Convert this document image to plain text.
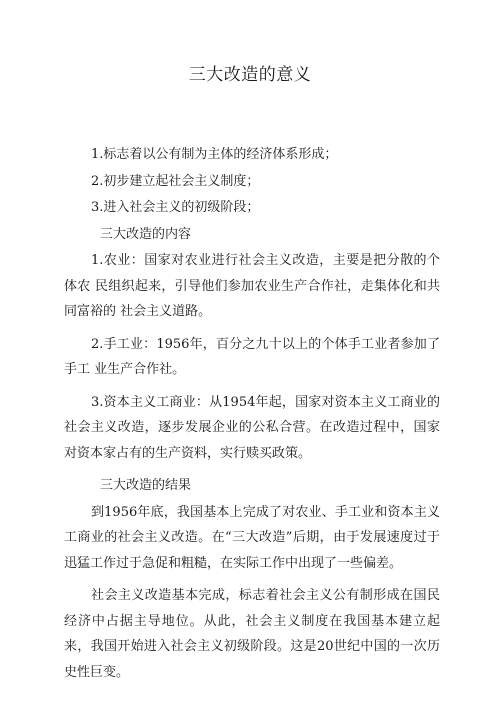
三大改造的意义
1.标志着以公有制为主体的经济体系形成；
2.初步建立起社会主义制度；
3.进入社会主义的初级阶段；
三大改造的内容
1.农业：国家对农业进行社会主义改造，主要是把分散的个体农 民组织起来，引导他们参加农业生产合作社，走集体化和共同富裕的 社会主义道路。
2.手工业：1956年，百分之九十以上的个体手工业者参加了手工 业生产合作社。
3.资本主义工商业：从1954年起，国家对资本主义工商业的社会主义改造，逐步发展企业的公私合营。在改造过程中，国家对资本家占有的生产资料，实行赎买政策。
三大改造的结果
到1956年底，我国基本上完成了对农业、手工业和资本主义工商业的社会主义改造。在“三大改造”后期，由于发展速度过于迅猛工作过于急促和粗糙，在实际工作中出现了一些偏差。
社会主义改造基本完成，标志着社会主义公有制形成在国民经济中占据主导地位。从此，社会主义制度在我国基本建立起来，我国开始进入社会主义初级阶段。这是20世纪中国的一次历史性巨变。
